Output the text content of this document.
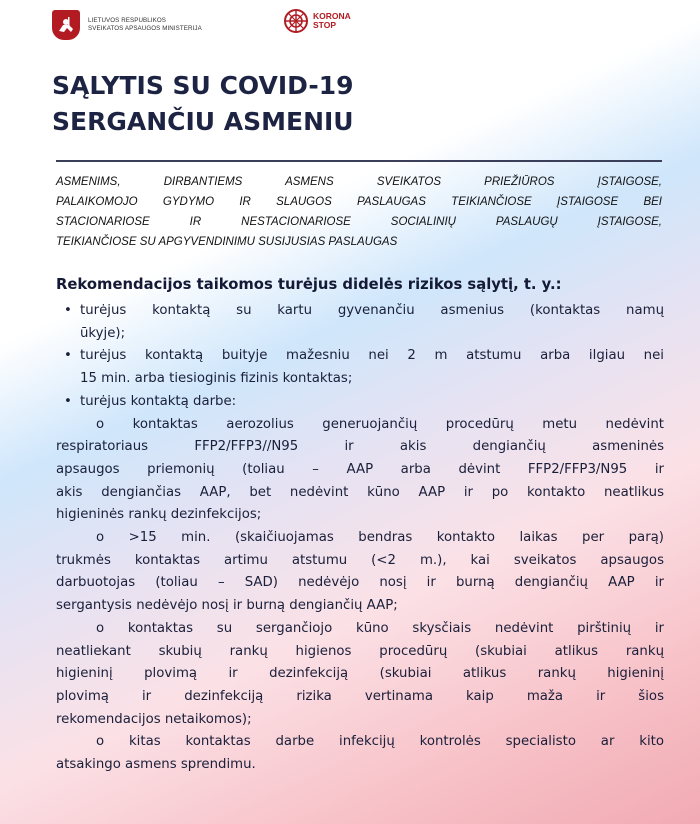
LIETUVOS RESPUBLIKOS
SVEIKATOS APSAUGOS MINISTERIJA
KORONA
STOP
SĄLYTIS SU COVID-19
SERGANČIU ASMENIU
ASMENIMS, DIRBANTIEMS ASMENS SVEIKATOS PRIEŽIŪROS ĮSTAIGOSE,
PALAIKOMOJO GYDYMO IR SLAUGOS PASLAUGAS TEIKIANČIOSE ĮSTAIGOSE BEI
STACIONARIOSE IR NESTACIONARIOSE SOCIALINIŲ PASLAUGŲ ĮSTAIGOSE,
TEIKIANČIOSE SU APGYVENDINIMU SUSIJUSIAS PASLAUGAS
Rekomendacijos taikomos turėjus didelės rizikos sąlytį, t. y.:
• turėjus kontaktą su kartu gyvenančiu asmenius (kontaktas namų
ūkyje);
• turėjus kontaktą buityje mažesniu nei 2 m atstumu arba ilgiau nei
15 min. arba tiesioginis fizinis kontaktas;
• turėjus kontaktą darbe:
o kontaktas aerozolius generuojančių procedūrų metu nedėvint
respiratoriaus FFP2/FFP3//N95 ir akis dengiančių asmeninės
apsaugos priemonių (toliau – AAP arba dėvint FFP2/FFP3/N95 ir
akis dengiančias AAP, bet nedėvint kūno AAP ir po kontakto neatlikus
higieninės rankų dezinfekcijos;
o >15 min. (skaičiuojamas bendras kontakto laikas per parą)
trukmės kontaktas artimu atstumu (<2 m.), kai sveikatos apsaugos
darbuotojas (toliau – SAD) nedėvėjo nosį ir burną dengiančių AAP ir
sergantysis nedėvėjo nosį ir burną dengiančių AAP;
o kontaktas su sergančiojo kūno skysčiais nedėvint pirštinių ir
neatliekant skubių rankų higienos procedūrų (skubiai atlikus rankų
higieninį plovimą ir dezinfekciją (skubiai atlikus rankų higieninį
plovimą ir dezinfekciją rizika vertinama kaip maža ir šios
rekomendacijos netaikomos);
o kitas kontaktas darbe infekcijų kontrolės specialisto ar kito
atsakingo asmens sprendimu.
